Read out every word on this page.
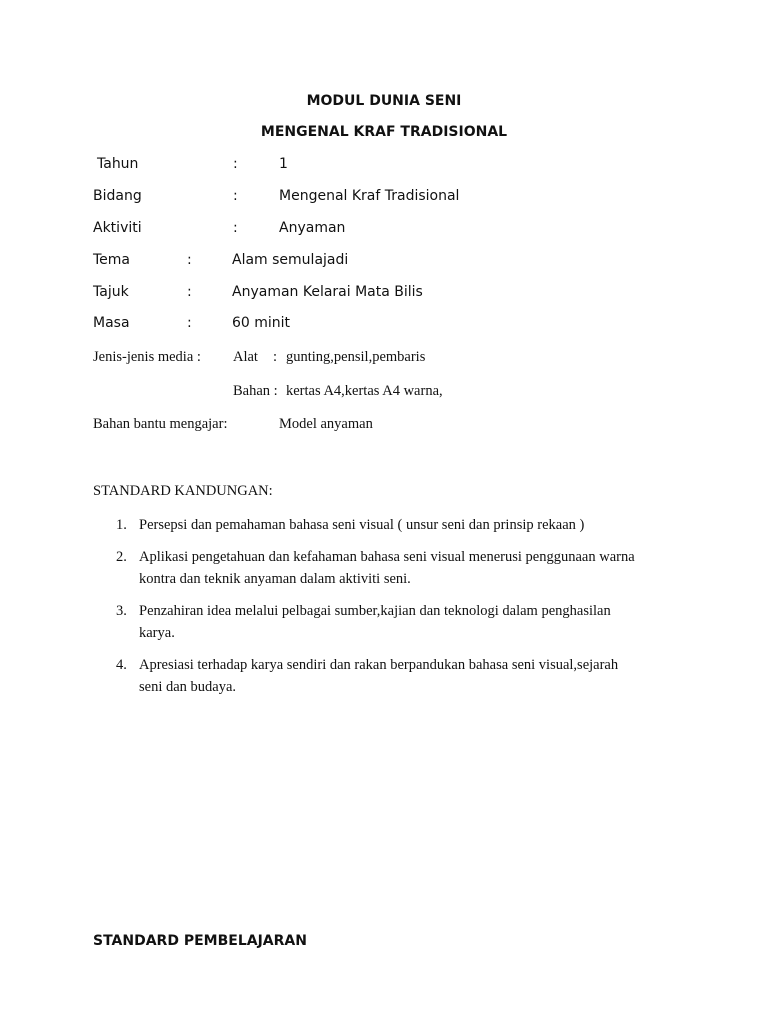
MODUL DUNIA SENI
MENGENAL KRAF TRADISIONAL
Tahun	:	1
Bidang	:	Mengenal Kraf Tradisional
Aktiviti	:	Anyaman
Tema	:	Alam semulajadi
Tajuk	:	Anyaman Kelarai Mata Bilis
Masa	:	60 minit
Jenis-jenis media : Alat : gunting,pensil,pembaris
Bahan : kertas A4,kertas A4 warna,
Bahan bantu mengajar:	Model anyaman
STANDARD KANDUNGAN:
1. Persepsi dan pemahaman bahasa seni visual ( unsur seni dan prinsip rekaan )
2. Aplikasi pengetahuan dan kefahaman bahasa seni visual menerusi penggunaan warna
kontra dan teknik anyaman dalam aktiviti seni.
3. Penzahiran idea melalui pelbagai sumber,kajian dan teknologi dalam penghasilan
karya.
4. Apresiasi terhadap karya sendiri dan rakan berpandukan bahasa seni visual,sejarah
seni dan budaya.
STANDARD PEMBELAJARAN
